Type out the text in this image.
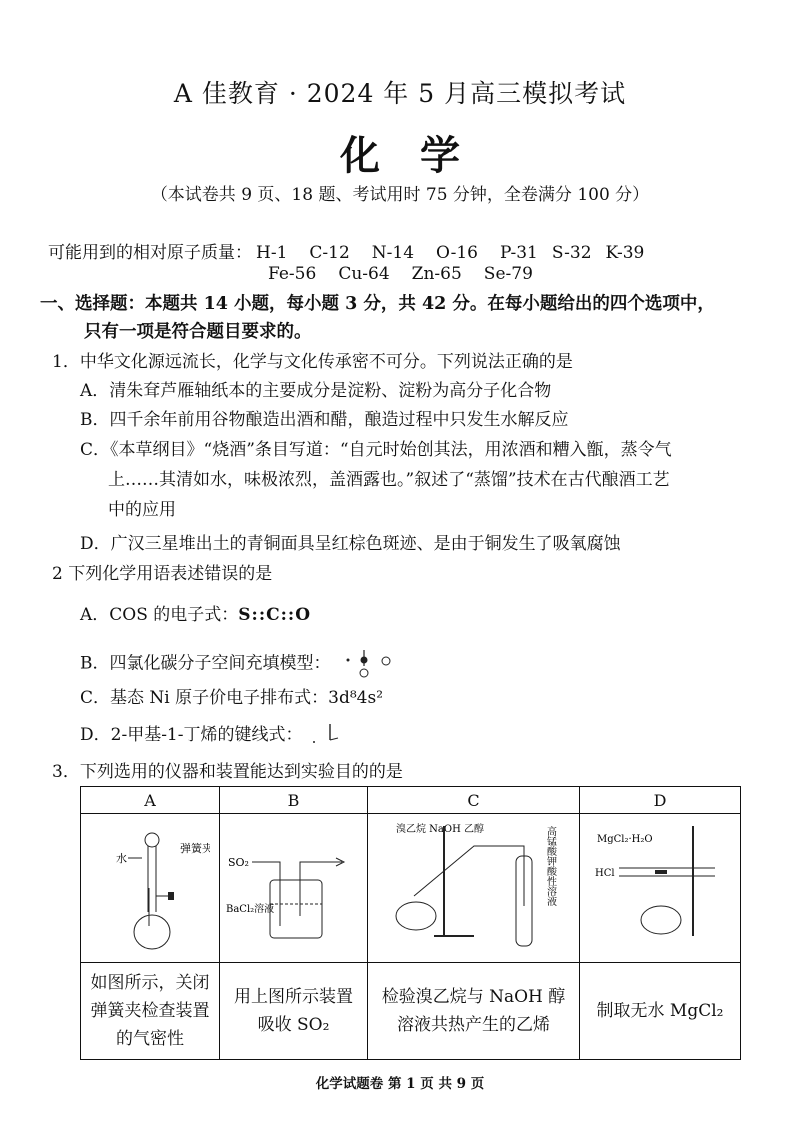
A 佳教育 · 2024 年 5 月高三模拟考试
化学
（本试卷共 9 页、18 题、考试用时 75 分钟，全卷满分 100 分）
可能用到的相对原子质量： H-1 C-12 N-14 O-16 P-31 S-32 K-39
Fe-56 Cu-64 Zn-65 Se-79
一、选择题：本题共 14 小题，每小题 3 分，共 42 分。在每小题给出的四个选项中，
只有一项是符合题目要求的。
1．中华文化源远流长，化学与文化传承密不可分。下列说法正确的是
A．清朱耷芦雁轴纸本的主要成分是淀粉、淀粉为高分子化合物
B．四千余年前用谷物酿造出酒和醋，酿造过程中只发生水解反应
C．《本草纲目》“烧酒”条目写道：“自元时始创其法，用浓酒和糟入甑，蒸令气
上……其清如水，味极浓烈，盖酒露也。”叙述了“蒸馏”技术在古代酿酒工艺
中的应用
D．广汉三星堆出土的青铜面具呈红棕色斑迹、是由于铜发生了吸氧腐蚀
2 下列化学用语表述错误的是
A．COS 的电子式：S::C::O
B．四氯化碳分子空间充填模型：
C．基态 Ni 原子价电子排布式：3d⁸4s²
D．2-甲基-1-丁烯的键线式：
3．下列选用的仪器和装置能达到实验目的的是
A	B	C	D

水
弹簧夹	SO₂
BaCl₂溶液	溴乙烷 NaOH 乙醇 高锰酸钾酸性溶液	MgCl₂·H₂O
HCl

如图所示，关闭弹簧夹检查装置的气密性	用上图所示装置吸收 SO₂	检验溴乙烷与 NaOH 醇溶液共热产生的乙烯	制取无水 MgCl₂
化学试题卷 第 1 页 共 9 页
